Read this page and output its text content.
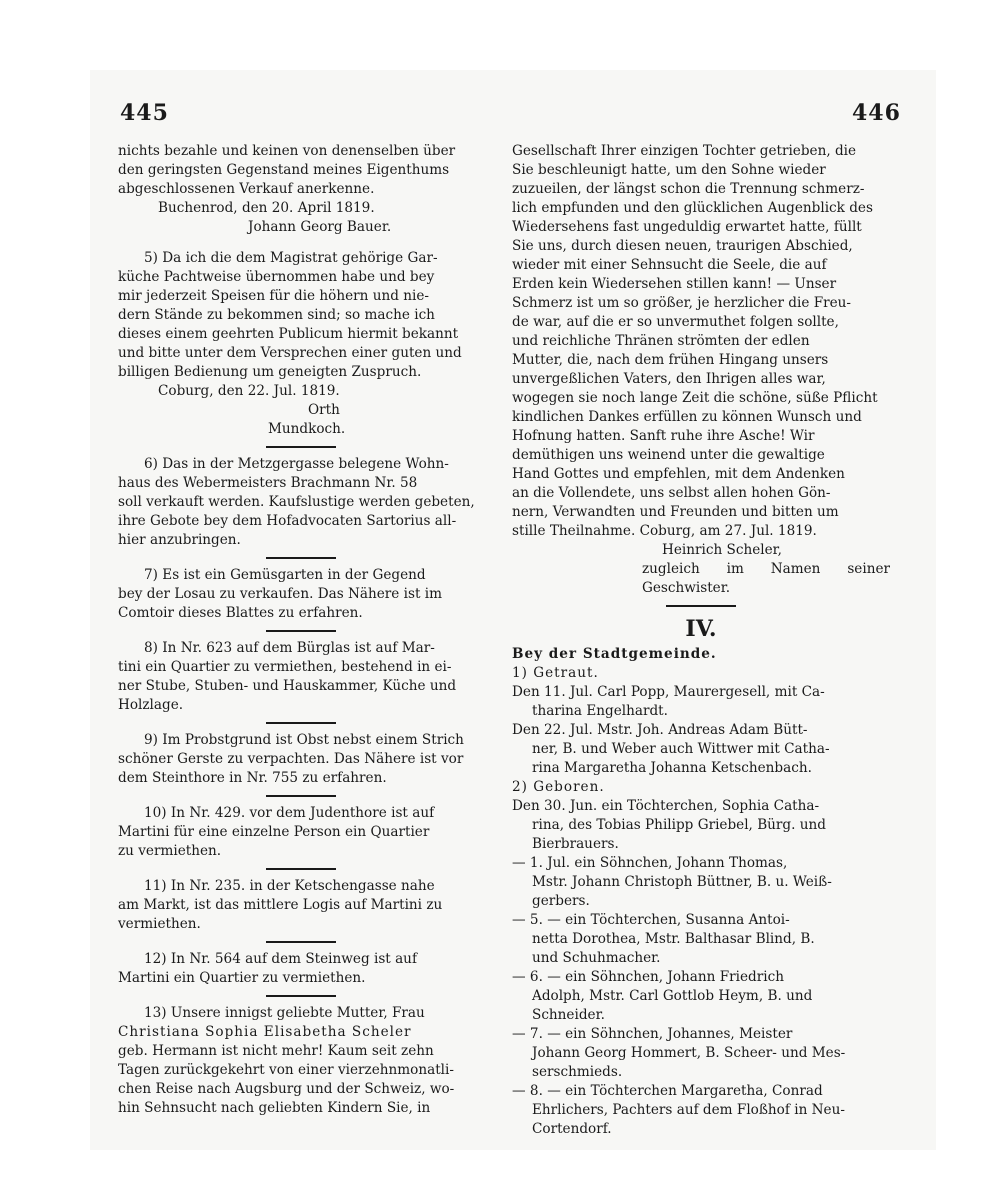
445	446

nichts bezahle und keinen von denenselben über

den geringsten Gegenstand meines Eigenthums

abgeschlossenen Verkauf anerkenne.

Buchenrod, den 20. April 1819.

Johann Georg Bauer.

5) Da ich die dem Magistrat gehörige Gar-

küche Pachtweise übernommen habe und bey

mir jederzeit Speisen für die höhern und nie-

dern Stände zu bekommen sind; so mache ich

dieses einem geehrten Publicum hiermit bekannt

und bitte unter dem Versprechen einer guten und

billigen Bedienung um geneigten Zuspruch.

Coburg, den 22. Jul. 1819.

Orth

Mundkoch.

6) Das in der Metzgergasse belegene Wohn-

haus des Webermeisters Brachmann Nr. 58

soll verkauft werden. Kaufslustige werden gebeten,

ihre Gebote bey dem Hofadvocaten Sartorius all-

hier anzubringen.

7) Es ist ein Gemüsgarten in der Gegend

bey der Losau zu verkaufen. Das Nähere ist im

Comtoir dieses Blattes zu erfahren.

8) In Nr. 623 auf dem Bürglas ist auf Mar-

tini ein Quartier zu vermiethen, bestehend in ei-

ner Stube, Stuben- und Hauskammer, Küche und

Holzlage.

9) Im Probstgrund ist Obst nebst einem Strich

schöner Gerste zu verpachten. Das Nähere ist vor

dem Steinthore in Nr. 755 zu erfahren.

10) In Nr. 429. vor dem Judenthore ist auf

Martini für eine einzelne Person ein Quartier

zu vermiethen.

11) In Nr. 235. in der Ketschengasse nahe

am Markt, ist das mittlere Logis auf Martini zu

vermiethen.

12) In Nr. 564 auf dem Steinweg ist auf

Martini ein Quartier zu vermiethen.

13) Unsere innigst geliebte Mutter, Frau

Christiana Sophia Elisabetha Scheler

geb. Hermann ist nicht mehr! Kaum seit zehn

Tagen zurückgekehrt von einer vierzehnmonatli-

chen Reise nach Augsburg und der Schweiz, wo-

hin Sehnsucht nach geliebten Kindern Sie, in

Gesellschaft Ihrer einzigen Tochter getrieben, die

Sie beschleunigt hatte, um den Sohne wieder

zuzueilen, der längst schon die Trennung schmerz-

lich empfunden und den glücklichen Augenblick des

Wiedersehens fast ungeduldig erwartet hatte, füllt

Sie uns, durch diesen neuen, traurigen Abschied,

wieder mit einer Sehnsucht die Seele, die auf

Erden kein Wiedersehen stillen kann! — Unser

Schmerz ist um so größer, je herzlicher die Freu-

de war, auf die er so unvermuthet folgen sollte,

und reichliche Thränen strömten der edlen

Mutter, die, nach dem frühen Hingang unsers

unvergeßlichen Vaters, den Ihrigen alles war,

wogegen sie noch lange Zeit die schöne, süße Pflicht

kindlichen Dankes erfüllen zu können Wunsch und

Hofnung hatten. Sanft ruhe ihre Asche! Wir

demüthigen uns weinend unter die gewaltige

Hand Gottes und empfehlen, mit dem Andenken

an die Vollendete, uns selbst allen hohen Gön-

nern, Verwandten und Freunden und bitten um

stille Theilnahme. Coburg, am 27. Jul. 1819.

Heinrich Scheler,

zugleich im Namen seiner Geschwister.

IV.

Bey der Stadtgemeinde.

1) Getraut.

Den 11. Jul. Carl Popp, Maurergesell, mit Ca-

tharina Engelhardt.

Den 22. Jul. Mstr. Joh. Andreas Adam Bütt-

ner, B. und Weber auch Wittwer mit Catha-

rina Margaretha Johanna Ketschenbach.

2) Geboren.

Den 30. Jun. ein Töchterchen, Sophia Catha-

rina, des Tobias Philipp Griebel, Bürg. und

Bierbrauers.

— 1. Jul. ein Söhnchen, Johann Thomas,

Mstr. Johann Christoph Büttner, B. u. Weiß-

gerbers.

— 5. — ein Töchterchen, Susanna Antoi-

netta Dorothea, Mstr. Balthasar Blind, B.

und Schuhmacher.

— 6. — ein Söhnchen, Johann Friedrich

Adolph, Mstr. Carl Gottlob Heym, B. und

Schneider.

— 7. — ein Söhnchen, Johannes, Meister

Johann Georg Hommert, B. Scheer- und Mes-

serschmieds.

— 8. — ein Töchterchen Margaretha, Conrad

Ehrlichers, Pachters auf dem Floßhof in Neu-

Cortendorf.
